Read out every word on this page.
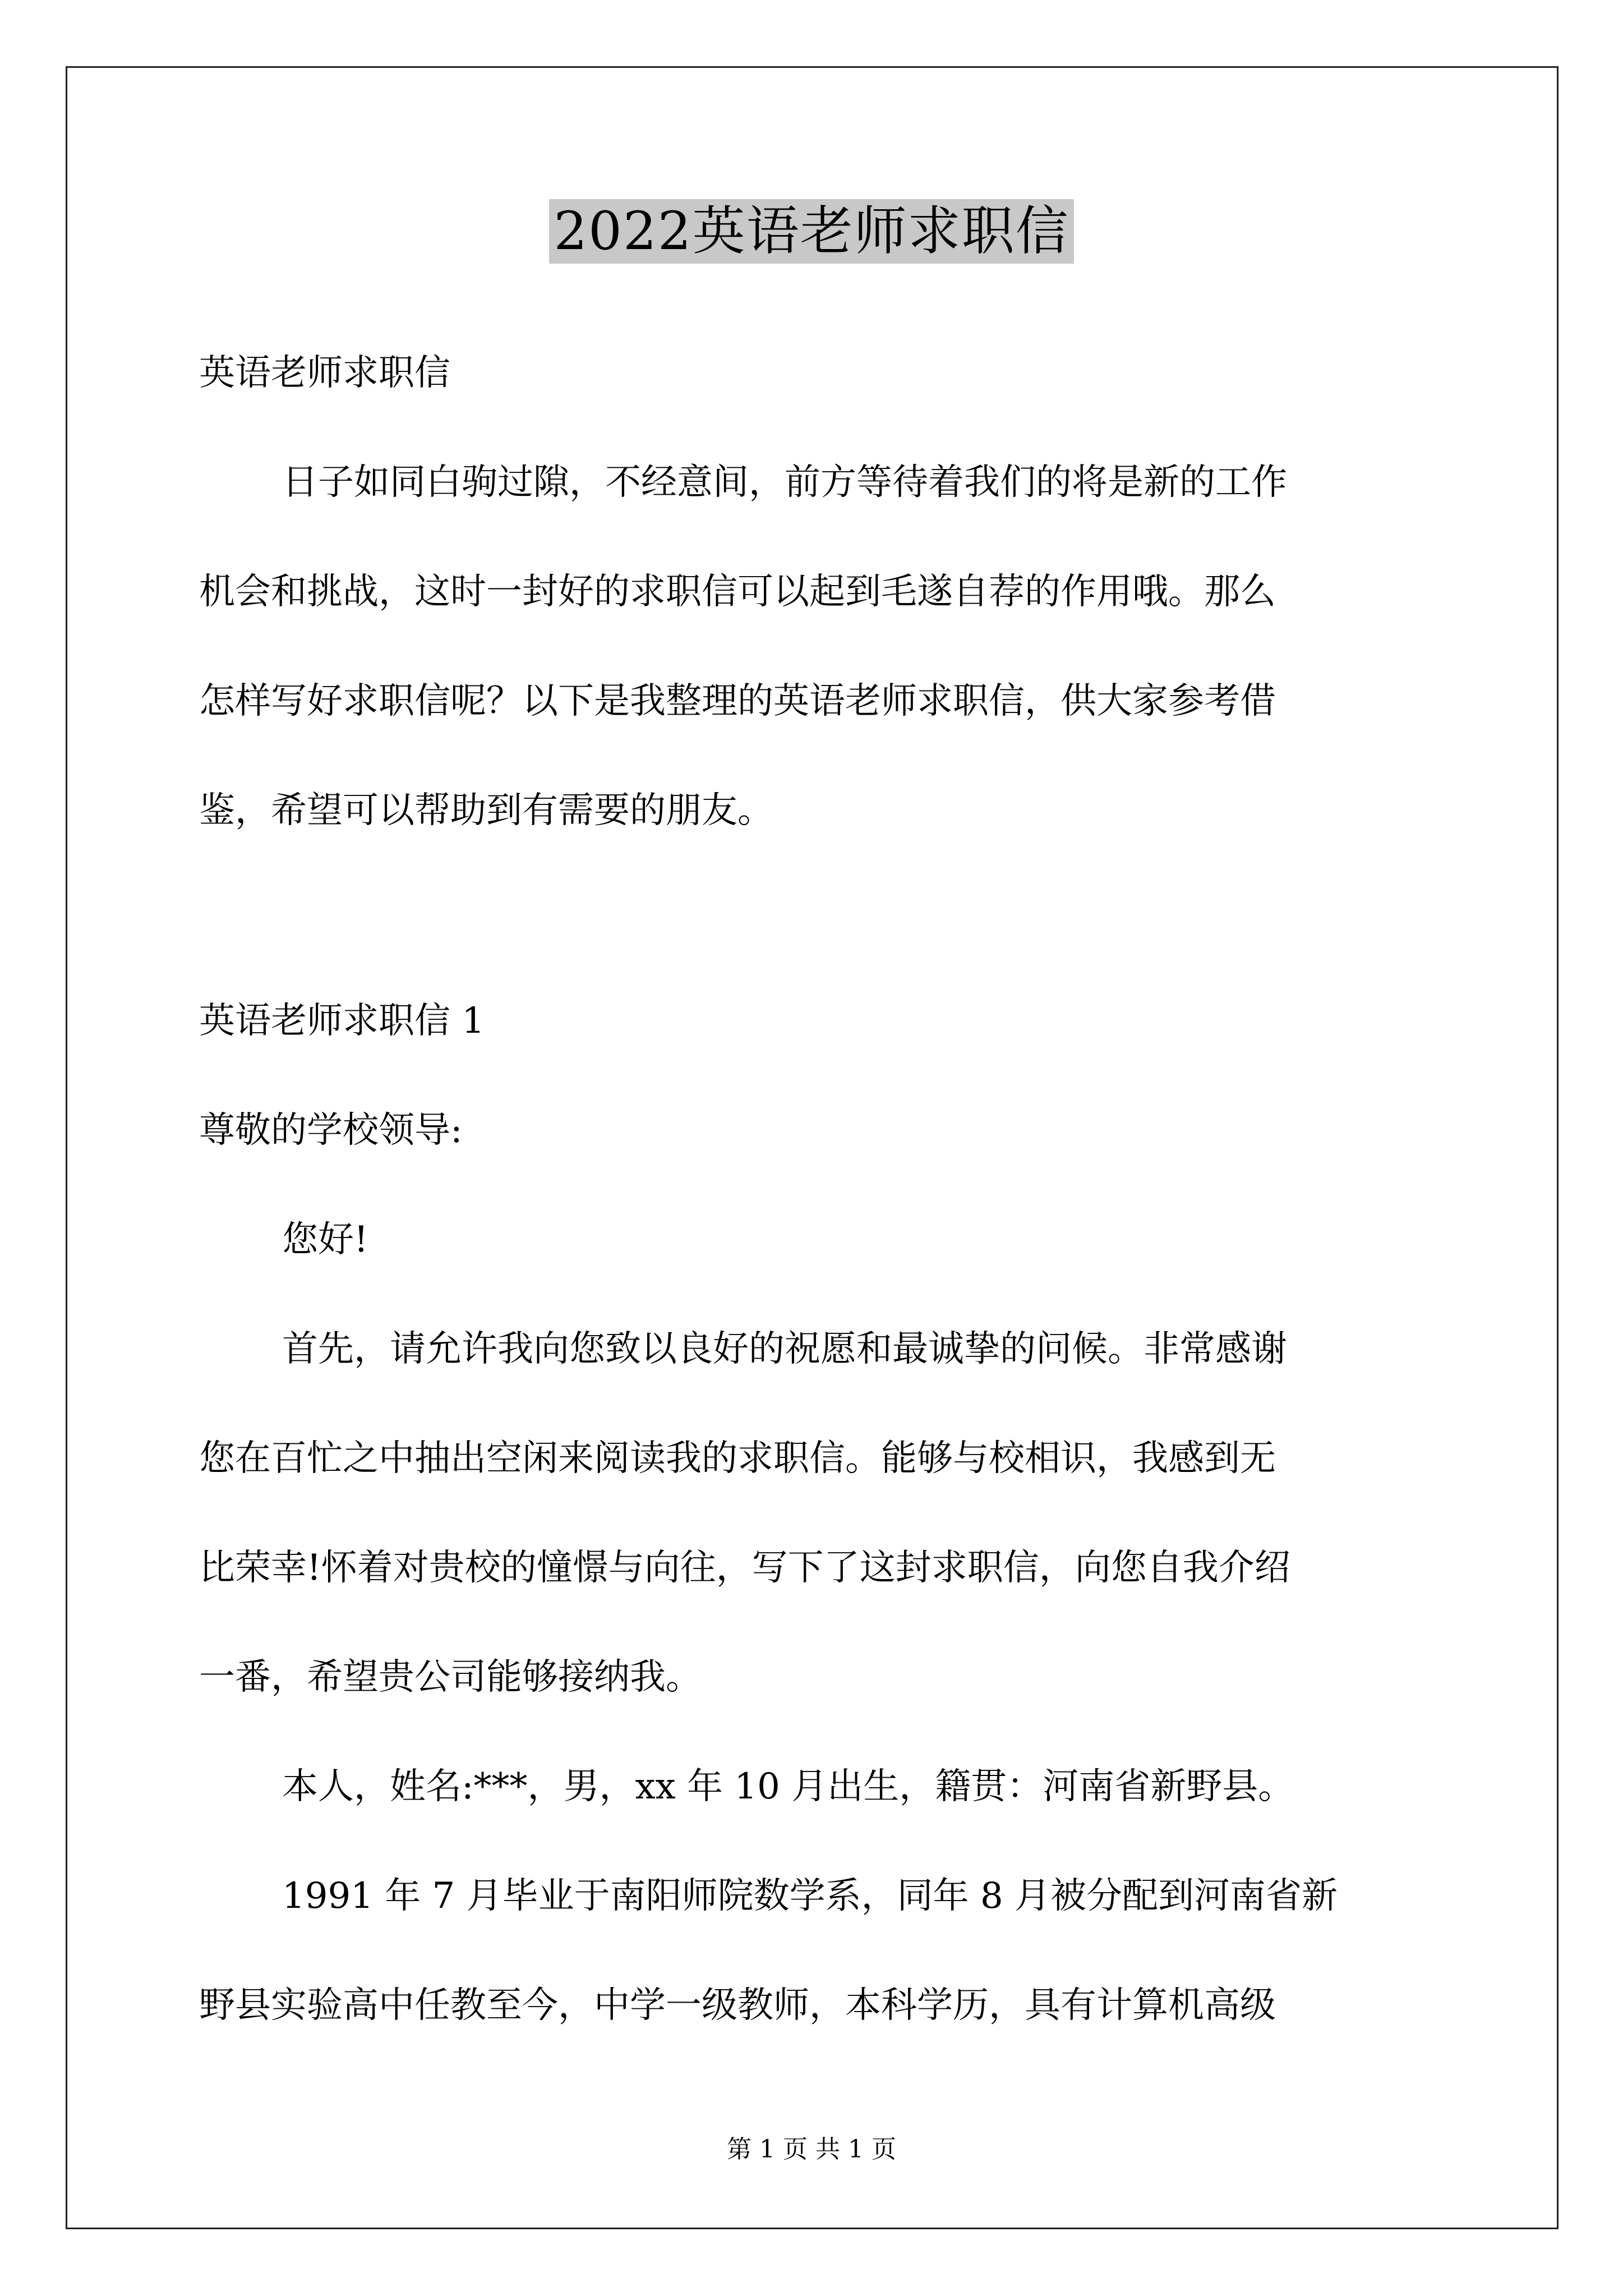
2022英语老师求职信
英语老师求职信
日子如同白驹过隙，不经意间，前方等待着我们的将是新的工作
机会和挑战，这时一封好的求职信可以起到毛遂自荐的作用哦。那么
怎样写好求职信呢？以下是我整理的英语老师求职信，供大家参考借
鉴，希望可以帮助到有需要的朋友。
英语老师求职信 1
尊敬的学校领导:
您好!
首先，请允许我向您致以良好的祝愿和最诚挚的问候。非常感谢
您在百忙之中抽出空闲来阅读我的求职信。能够与校相识，我感到无
比荣幸!怀着对贵校的憧憬与向往，写下了这封求职信，向您自我介绍
一番，希望贵公司能够接纳我。
本人，姓名:***，男，xx 年 10 月出生，籍贯：河南省新野县。
1991 年 7 月毕业于南阳师院数学系，同年 8 月被分配到河南省新
野县实验高中任教至今，中学一级教师，本科学历，具有计算机高级
第 1 页 共 1 页
